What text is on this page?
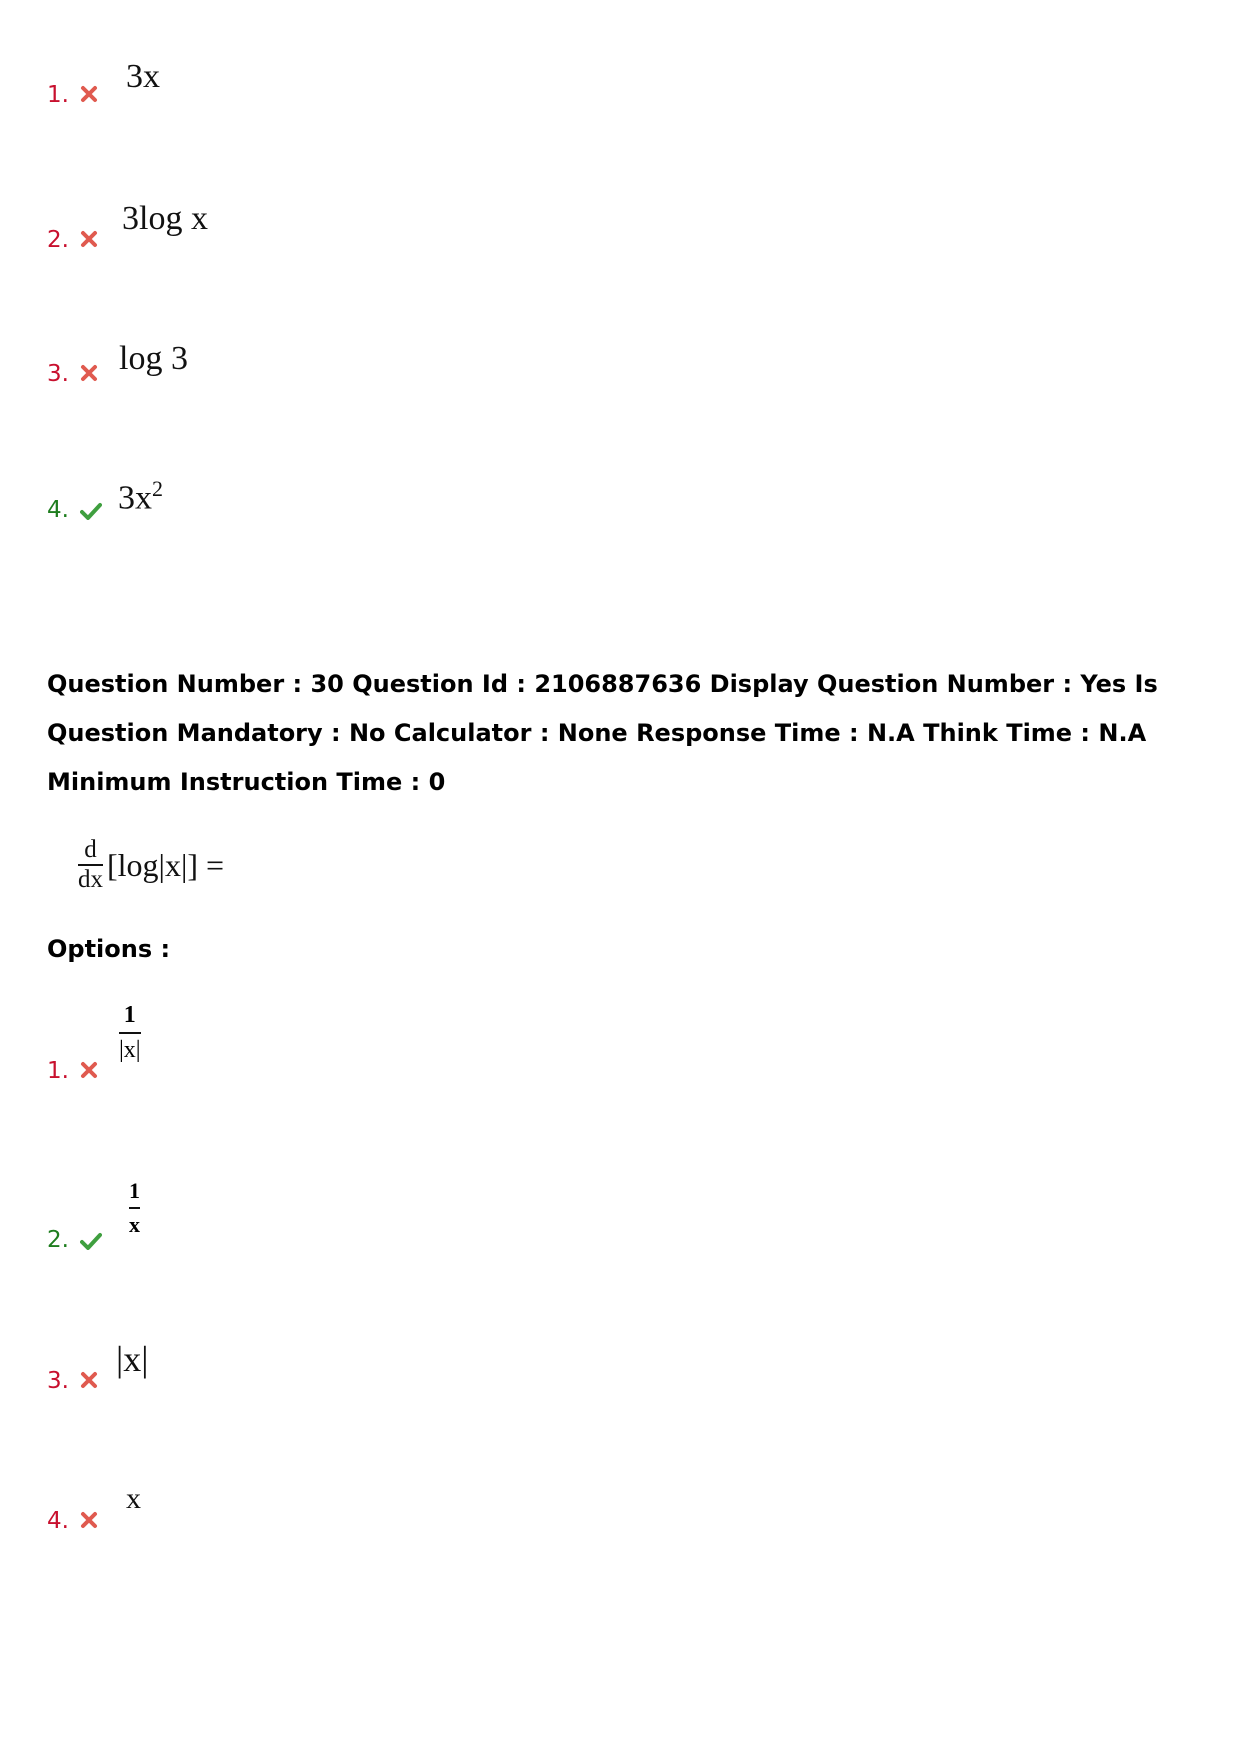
1. 3x
2.
3log x
3. log 3
4. $3x^2$
Question Number : 30 Question Id : 2106887636 Display Question Number : Yes Is Question Mandatory : No Calculator : None Response Time : N.A Think Time : N.A Minimum Instruction Time : 0
$\frac{d}{dx} [\log|x|]$ =
Options :
1.
1
|x|
2.
1
x
3.
|x|
4.
x
